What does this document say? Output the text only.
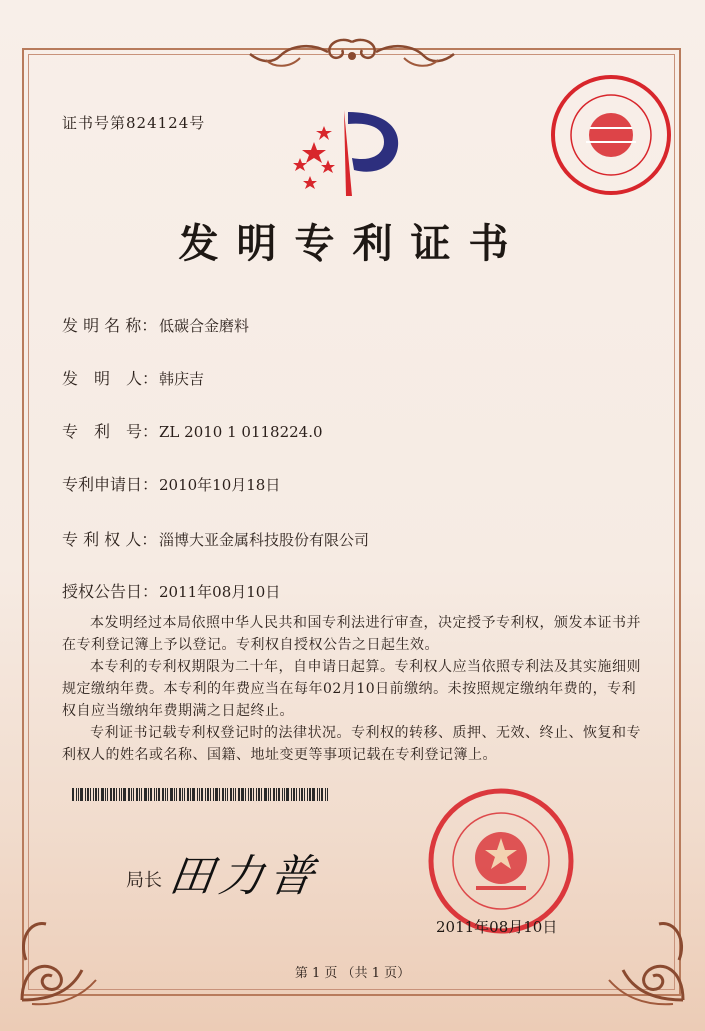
证书号第824124号
发明专利证书
发 明 名 称： 低碳合金磨料
发　明　人：韩庆吉
专　利　号：ZL 2010 1 0118224.0
专利申请日：2010年10月18日
专 利 权 人： 淄博大亚金属科技股份有限公司
授权公告日：2011年08月10日
本发明经过本局依照中华人民共和国专利法进行审查，决定授予专利权，颁发本证书并在专利登记簿上予以登记。专利权自授权公告之日起生效。
本专利的专利权期限为二十年，自申请日起算。专利权人应当依照专利法及其实施细则规定缴纳年费。本专利的年费应当在每年02月10日前缴纳。未按照规定缴纳年费的，专利权自应当缴纳年费期满之日起终止。
专利证书记载专利权登记时的法律状况。专利权的转移、质押、无效、终止、恢复和专利权人的姓名或名称、国籍、地址变更等事项记载在专利登记簿上。
局长 田力普
2011年08月10日
第 1 页 （共 1 页）
